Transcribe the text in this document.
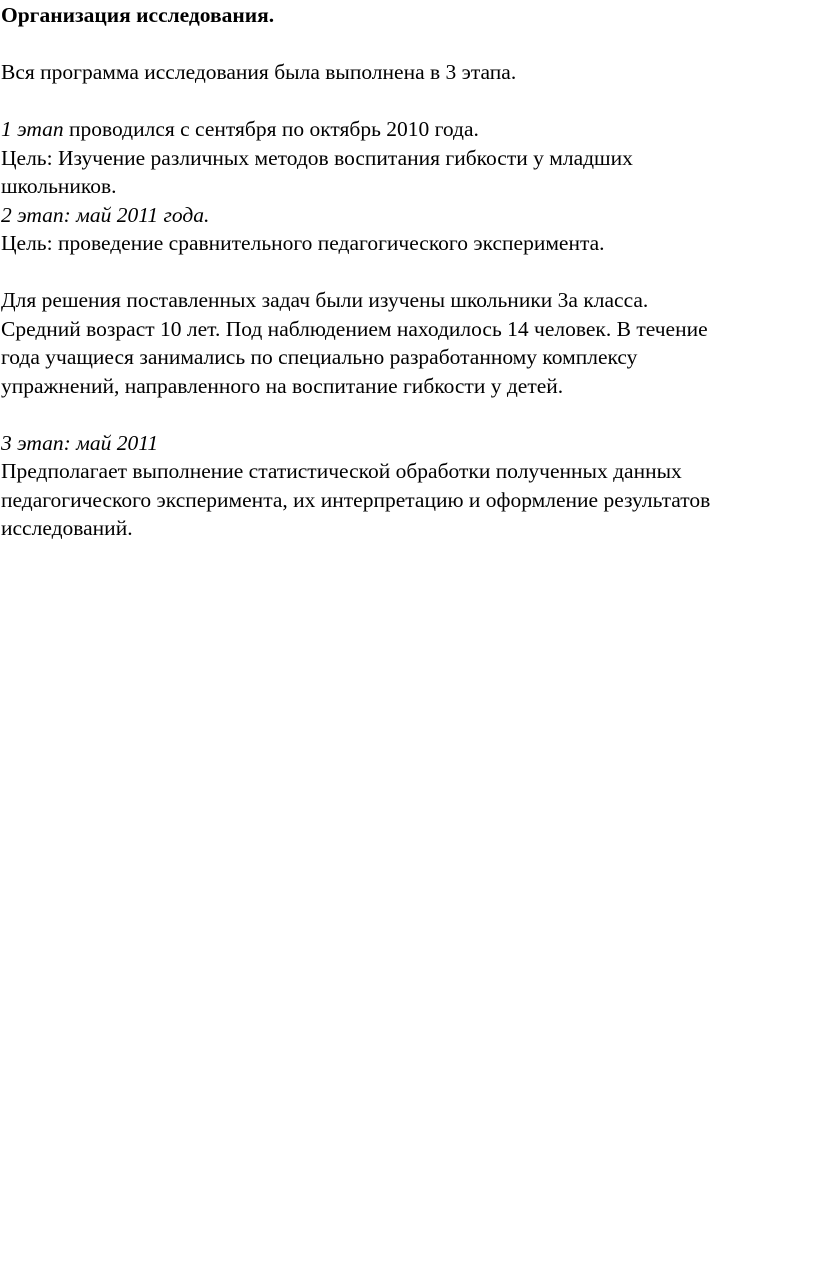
Организация исследования.
Вся программа исследования была выполнена в 3 этапа.
1 этап проводился с сентября по октябрь 2010 года.
Цель: Изучение различных методов воспитания гибкости у младших
школьников.
2 этап: май 2011 года.
Цель: проведение сравнительного педагогического эксперимента.
Для решения поставленных задач были изучены школьники 3а класса.
Средний возраст 10 лет. Под наблюдением находилось 14 человек. В течение
года учащиеся занимались по специально разработанному комплексу
упражнений, направленного на воспитание гибкости у детей.
3 этап: май 2011
Предполагает выполнение статистической обработки полученных данных
педагогического эксперимента, их интерпретацию и оформление результатов
исследований.
